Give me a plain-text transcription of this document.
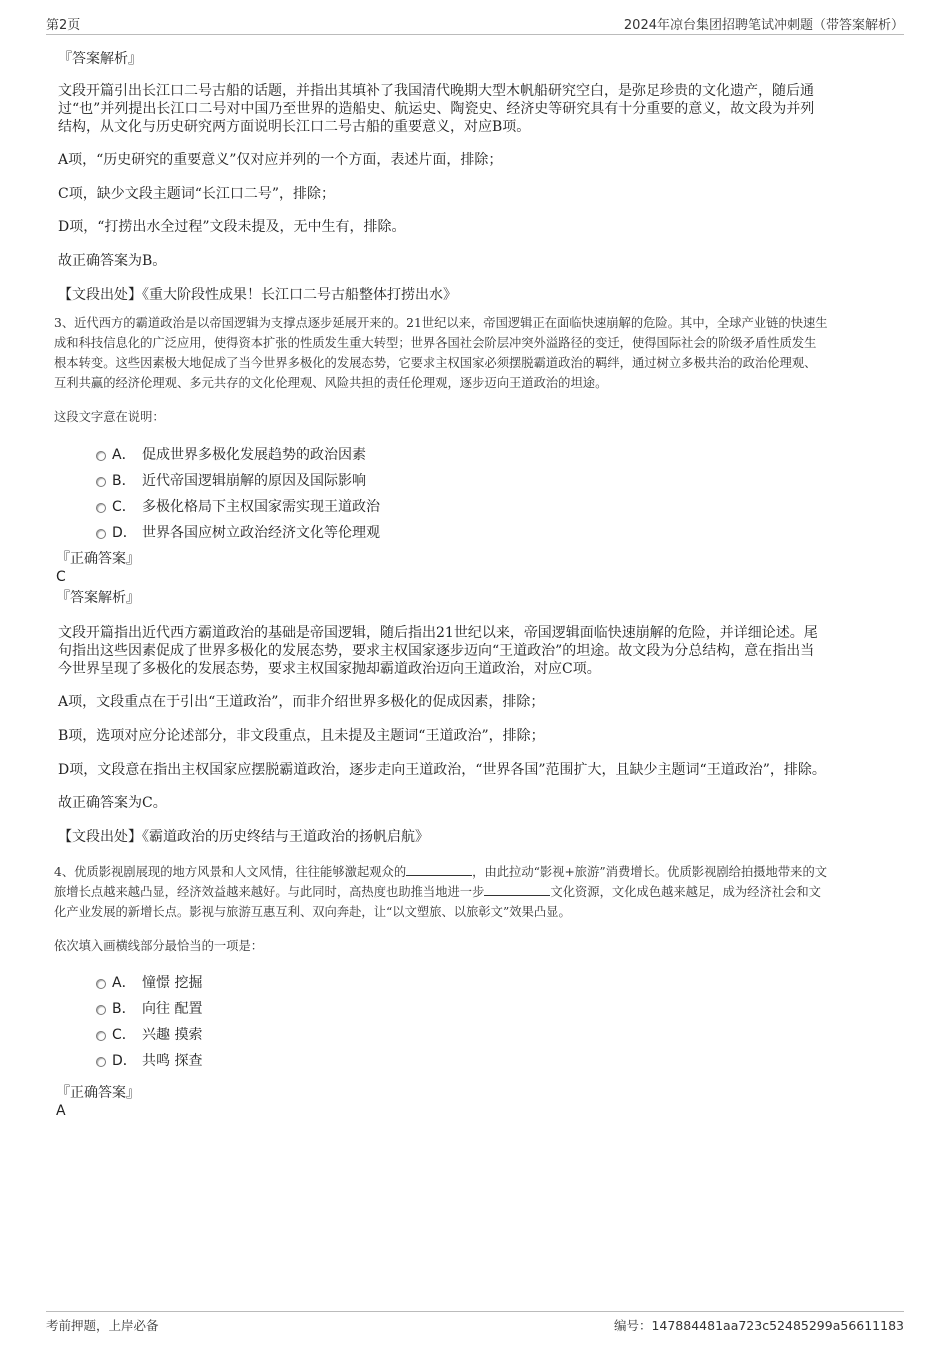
第2页	2024年凉台集团招聘笔试冲刺题（带答案解析）
『答案解析』
文段开篇引出长江口二号古船的话题，并指出其填补了我国清代晚期大型木帆船研究空白，是弥足珍贵的文化遗产，随后通
过“也”并列提出长江口二号对中国乃至世界的造船史、航运史、陶瓷史、经济史等研究具有十分重要的意义，故文段为并列
结构，从文化与历史研究两方面说明长江口二号古船的重要意义，对应B项。
A项，“历史研究的重要意义”仅对应并列的一个方面，表述片面，排除；
C项，缺少文段主题词“长江口二号”，排除；
D项，“打捞出水全过程”文段未提及，无中生有，排除。
故正确答案为B。
【文段出处】《重大阶段性成果！长江口二号古船整体打捞出水》
3、近代西方的霸道政治是以帝国逻辑为支撑点逐步延展开来的。21世纪以来，帝国逻辑正在面临快速崩解的危险。其中，全球产业链的快速生
成和科技信息化的广泛应用，使得资本扩张的性质发生重大转型；世界各国社会阶层冲突外溢路径的变迁，使得国际社会的阶级矛盾性质发生
根本转变。这些因素极大地促成了当今世界多极化的发展态势，它要求主权国家必须摆脱霸道政治的羁绊，通过树立多极共治的政治伦理观、
互利共赢的经济伦理观、多元共存的文化伦理观、风险共担的责任伦理观，逐步迈向王道政治的坦途。
这段文字意在说明：
A． 促成世界多极化发展趋势的政治因素
B． 近代帝国逻辑崩解的原因及国际影响
C． 多极化格局下主权国家需实现王道政治
D． 世界各国应树立政治经济文化等伦理观
『正确答案』
C
『答案解析』
文段开篇指出近代西方霸道政治的基础是帝国逻辑，随后指出21世纪以来，帝国逻辑面临快速崩解的危险，并详细论述。尾
句指出这些因素促成了世界多极化的发展态势，要求主权国家逐步迈向“王道政治”的坦途。故文段为分总结构，意在指出当
今世界呈现了多极化的发展态势，要求主权国家抛却霸道政治迈向王道政治，对应C项。
A项，文段重点在于引出“王道政治”，而非介绍世界多极化的促成因素，排除；
B项，选项对应分论述部分，非文段重点，且未提及主题词“王道政治”，排除；
D项，文段意在指出主权国家应摆脱霸道政治，逐步走向王道政治，“世界各国”范围扩大，且缺少主题词“王道政治”，排除。
故正确答案为C。
【文段出处】《霸道政治的历史终结与王道政治的扬帆启航》
4、优质影视剧展现的地方风景和人文风情，往往能够激起观众的	，由此拉动“影视+旅游”消费增长。优质影视剧给拍摄地带来的文
旅增长点越来越凸显，经济效益越来越好。与此同时，高热度也助推当地进一步	文化资源，文化成色越来越足，成为经济社会和文
化产业发展的新增长点。影视与旅游互惠互利、双向奔赴，让“以文塑旅、以旅彰文”效果凸显。
依次填入画横线部分最恰当的一项是：
A． 憧憬 挖掘
B． 向往 配置
C． 兴趣 摸索
D． 共鸣 探查
『正确答案』
A
考前押题，上岸必备	编号：147884481aa723c52485299a56611183
